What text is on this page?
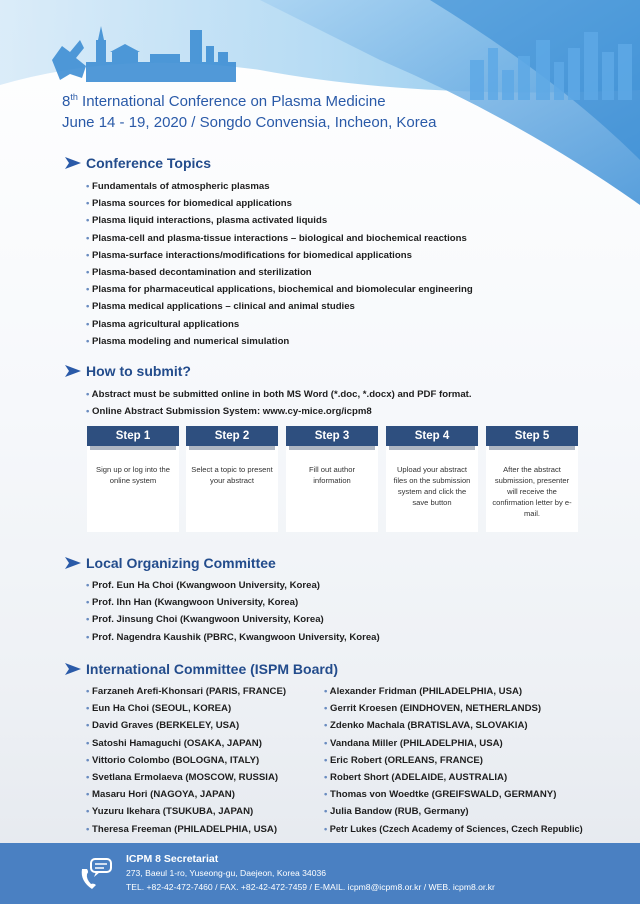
8th International Conference on Plasma Medicine
June 14 - 19, 2020 / Songdo Convensia, Incheon, Korea
Conference Topics
• Fundamentals of atmospheric plasmas
• Plasma sources for biomedical applications
• Plasma liquid interactions, plasma activated liquids
• Plasma-cell and plasma-tissue interactions – biological and biochemical reactions
• Plasma-surface interactions/modifications for biomedical applications
• Plasma-based decontamination and sterilization
• Plasma for pharmaceutical applications, biochemical and biomolecular engineering
• Plasma medical applications – clinical and animal studies
• Plasma agricultural applications
• Plasma modeling and numerical simulation
How to submit?
• Abstract must be submitted online in both MS Word (*.doc, *.docx) and PDF format.
• Online Abstract Submission System: www.cy-mice.org/icpm8
Step 1
Sign up or log into the online system
Step 2
Select a topic to present your abstract
Step 3
Fill out author information
Step 4
Upload your abstract files on the submission system and click the save button
Step 5
After the abstract submission, presenter will receive the confirmation letter by e-mail.
Local Organizing Committee
• Prof. Eun Ha Choi (Kwangwoon University, Korea)
• Prof. Ihn Han (Kwangwoon University, Korea)
• Prof. Jinsung Choi (Kwangwoon University, Korea)
• Prof. Nagendra Kaushik (PBRC, Kwangwoon University, Korea)
International Committee (ISPM Board)
• Farzaneh Arefi-Khonsari (PARIS, FRANCE)
• Eun Ha Choi (SEOUL, KOREA)
• David Graves (BERKELEY, USA)
• Satoshi Hamaguchi (OSAKA, JAPAN)
• Vittorio Colombo (BOLOGNA, ITALY)
• Svetlana Ermolaeva (MOSCOW, RUSSIA)
• Masaru Hori (NAGOYA, JAPAN)
• Yuzuru Ikehara (TSUKUBA, JAPAN)
• Theresa Freeman (PHILADELPHIA, USA)
• Alexander Fridman (PHILADELPHIA, USA)
• Gerrit Kroesen (EINDHOVEN, NETHERLANDS)
• Zdenko Machala (BRATISLAVA, SLOVAKIA)
• Vandana Miller (PHILADELPHIA, USA)
• Eric Robert (ORLEANS, FRANCE)
• Robert Short (ADELAIDE, AUSTRALIA)
• Thomas von Woedtke (GREIFSWALD, GERMANY)
• Julia Bandow (RUB, Germany)
• Petr Lukes (Czech Academy of Sciences, Czech Republic)
ICPM 8 Secretariat
273, Baeul 1-ro, Yuseong-gu, Daejeon, Korea 34036
TEL. +82-42-472-7460 / FAX. +82-42-472-7459 / E-MAIL. icpm8@icpm8.or.kr / WEB. icpm8.or.kr
